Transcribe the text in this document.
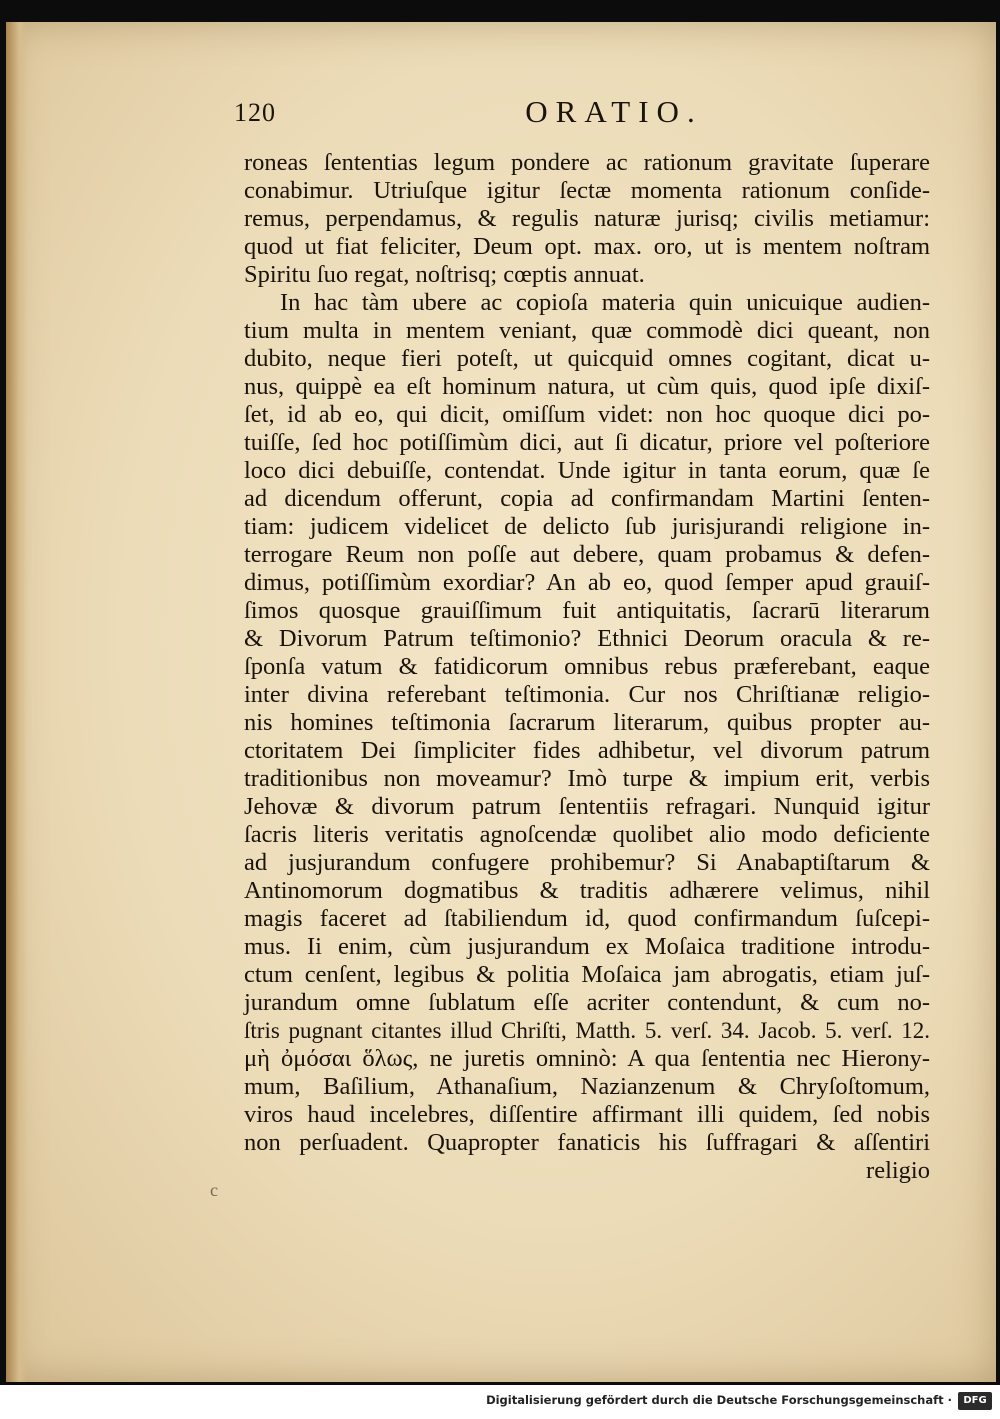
120	ORATIO.
roneas ſententias legum pondere ac rationum gravitate ſuperare
conabimur. Utriuſque igitur ſectæ momenta rationum conſide-
remus, perpendamus, & regulis naturæ jurisq; civilis metiamur:
quod ut fiat feliciter, Deum opt. max. oro, ut is mentem noſtram
Spiritu ſuo regat, noſtrisq; cœptis annuat.
In hac tàm ubere ac copioſa materia quin unicuique audien-
tium multa in mentem veniant, quæ commodè dici queant, non
dubito, neque fieri poteſt, ut quicquid omnes cogitant, dicat u-
nus, quippè ea eſt hominum natura, ut cùm quis, quod ipſe dixiſ-
ſet, id ab eo, qui dicit, omiſſum videt: non hoc quoque dici po-
tuiſſe, ſed hoc potiſſimùm dici, aut ſi dicatur, priore vel poſteriore
loco dici debuiſſe, contendat. Unde igitur in tanta eorum, quæ ſe
ad dicendum offerunt, copia ad confirmandam Martini ſenten-
tiam: judicem videlicet de delicto ſub jurisjurandi religione in-
terrogare Reum non poſſe aut debere, quam probamus & defen-
dimus, potiſſimùm exordiar? An ab eo, quod ſemper apud grauiſ-
ſimos quosque grauiſſimum fuit antiquitatis, ſacrarū literarum
& Divorum Patrum teſtimonio? Ethnici Deorum oracula & re-
ſponſa vatum & fatidicorum omnibus rebus præferebant, eaque
inter divina referebant teſtimonia. Cur nos Chriſtianæ religio-
nis homines teſtimonia ſacrarum literarum, quibus propter au-
ctoritatem Dei ſimpliciter fides adhibetur, vel divorum patrum
traditionibus non moveamur? Imò turpe & impium erit, verbis
Jehovæ & divorum patrum ſententiis refragari. Nunquid igitur
ſacris literis veritatis agnoſcendæ quolibet alio modo deficiente
ad jusjurandum confugere prohibemur? Si Anabaptiſtarum &
Antinomorum dogmatibus & traditis adhærere velimus, nihil
magis faceret ad ſtabiliendum id, quod confirmandum ſuſcepi-
mus. Ii enim, cùm jusjurandum ex Moſaica traditione introdu-
ctum cenſent, legibus & politia Moſaica jam abrogatis, etiam juſ-
jurandum omne ſublatum eſſe acriter contendunt, & cum no-
ſtris pugnant citantes illud Chriſti, Matth. 5. verſ. 34. Jacob. 5. verſ. 12.
μὴ ὀμόσαι ὅλως, ne juretis omninò: A qua ſententia nec Hierony-
mum, Baſilium, Athanaſium, Nazianzenum & Chryſoſtomum,
viros haud incelebres, diſſentire affirmant illi quidem, ſed nobis
non perſuadent. Quapropter fanaticis his ſuffragari & aſſentiri
religio
c
Digitalisierung gefördert durch die Deutsche Forschungsgemeinschaft ·	DFG
